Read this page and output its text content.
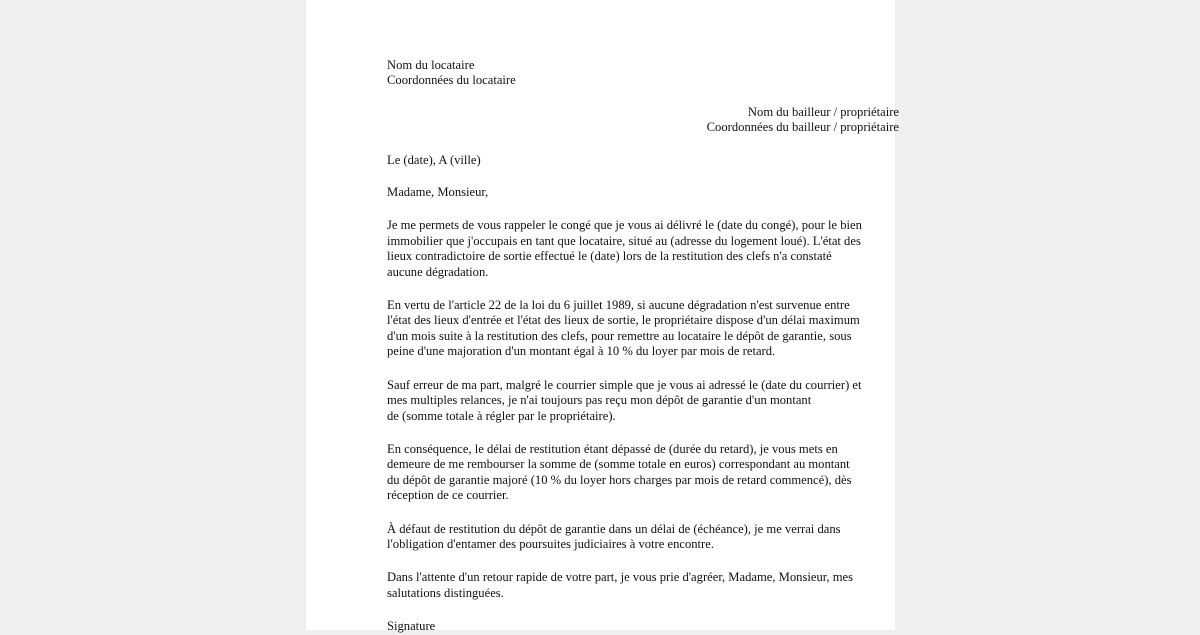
Nom du locataire
Coordonnées du locataire
Nom du bailleur / propriétaire
Coordonnées du bailleur / propriétaire
Le (date), A (ville)
Madame, Monsieur,
Je me permets de vous rappeler le congé que je vous ai délivré le (date du congé), pour le bien
immobilier que j'occupais en tant que locataire, situé au (adresse du logement loué). L'état des
lieux contradictoire de sortie effectué le (date) lors de la restitution des clefs n'a constaté
aucune dégradation.
En vertu de l'article 22 de la loi du 6 juillet 1989, si aucune dégradation n'est survenue entre
l'état des lieux d'entrée et l'état des lieux de sortie, le propriétaire dispose d'un délai maximum
d'un mois suite à la restitution des clefs, pour remettre au locataire le dépôt de garantie, sous
peine d'une majoration d'un montant égal à 10 % du loyer par mois de retard.
Sauf erreur de ma part, malgré le courrier simple que je vous ai adressé le (date du courrier) et
mes multiples relances, je n'ai toujours pas reçu mon dépôt de garantie d'un montant
de (somme totale à régler par le propriétaire).
En conséquence, le délai de restitution étant dépassé de (durée du retard), je vous mets en
demeure de me rembourser la somme de (somme totale en euros) correspondant au montant
du dépôt de garantie majoré (10 % du loyer hors charges par mois de retard commencé), dès
réception de ce courrier.
À défaut de restitution du dépôt de garantie dans un délai de (échéance), je me verrai dans
l'obligation d'entamer des poursuites judiciaires à votre encontre.
Dans l'attente d'un retour rapide de votre part, je vous prie d'agréer, Madame, Monsieur, mes
salutations distinguées.
Signature
